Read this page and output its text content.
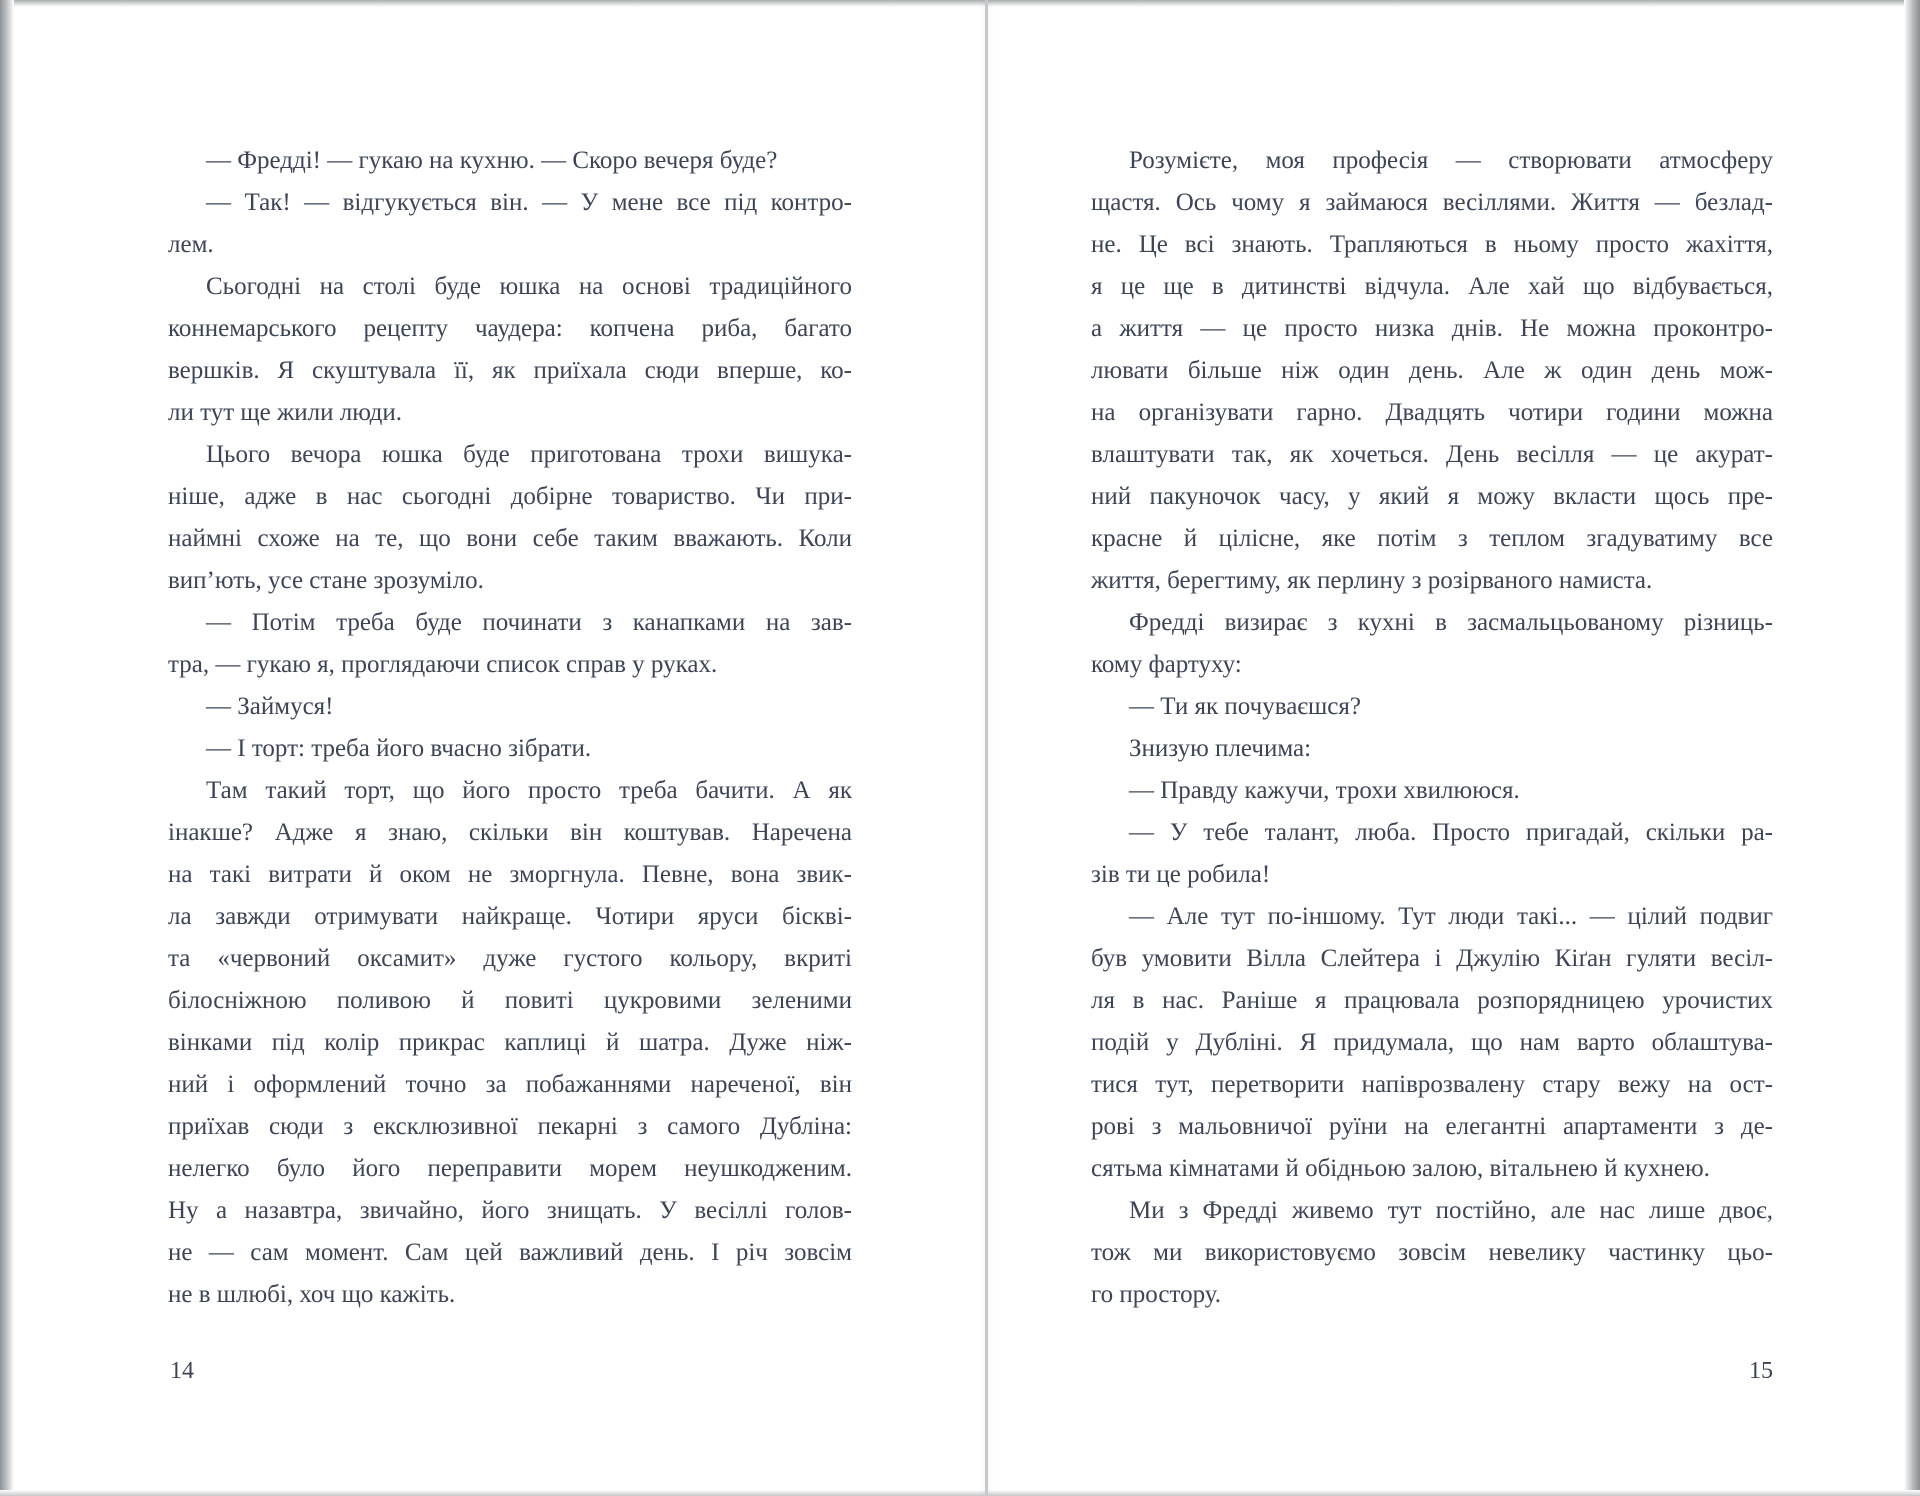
— Фредді! — гукаю на кухню. — Скоро вечеря буде?
— Так! — відгукується він. — У мене все під контро-
лем.
Сьогодні на столі буде юшка на основі традиційного
коннемарського рецепту чаудера: копчена риба, багато
вершків. Я скуштувала її, як приїхала сюди вперше, ко-
ли тут ще жили люди.
Цього вечора юшка буде приготована трохи вишука-
ніше, адже в нас сьогодні добірне товариство. Чи при-
наймні схоже на те, що вони себе таким вважають. Коли
вип’ють, усе стане зрозуміло.
— Потім треба буде починати з канапками на зав-
тра, — гукаю я, проглядаючи список справ у руках.
— Займуся!
— І торт: треба його вчасно зібрати.
Там такий торт, що його просто треба бачити. А як
інакше? Адже я знаю, скільки він коштував. Наречена
на такі витрати й оком не зморгнула. Певне, вона звик-
ла завжди отримувати найкраще. Чотири яруси бісквi-
та «червоний оксамит» дуже густого кольору, вкриті
білосніжною поливою й повиті цукровими зеленими
вінками під колір прикрас каплиці й шатра. Дуже ніж-
ний і оформлений точно за побажаннями нареченої, він
приїхав сюди з ексклюзивної пекарні з самого Дубліна:
нелегко було його переправити морем неушкодженим.
Ну а назавтра, звичайно, його знищать. У весіллі голов-
не — сам момент. Сам цей важливий день. І річ зовсім
не в шлюбі, хоч що кажіть.
14
Розумієте, моя професія — створювати атмосферу
щастя. Ось чому я займаюся весіллями. Життя — безлад-
не. Це всі знають. Трапляються в ньому просто жахіття,
я це ще в дитинстві відчула. Але хай що відбувається,
а життя — це просто низка днів. Не можна проконтро-
лювати більше ніж один день. Але ж один день мож-
на організувати гарно. Двадцять чотири години можна
влаштувати так, як хочеться. День весілля — це акурат-
ний пакуночок часу, у який я можу вкласти щось пре-
красне й цілісне, яке потім з теплом згадуватиму все
життя, берегтиму, як перлину з розірваного намиста.
Фредді визирає з кухні в засмальцьованому різниць-
кому фартуху:
— Ти як почуваєшся?
Знизую плечима:
— Правду кажучи, трохи хвилююся.
— У тебе талант, люба. Просто пригадай, скільки ра-
зів ти це робила!
— Але тут по-іншому. Тут люди такі... — цілий подвиг
був умовити Вілла Слейтера і Джулію Кіґан гуляти весіл-
ля в нас. Раніше я працювала розпорядницею урочистих
подій у Дубліні. Я придумала, що нам варто облаштува-
тися тут, перетворити напіврозвалену стару вежу на ост-
рові з мальовничої руїни на елегантні апартаменти з де-
сятьма кімнатами й обідньою залою, вітальнею й кухнею.
Ми з Фредді живемо тут постійно, але нас лише двоє,
тож ми використовуємо зовсім невелику частинку цьо-
го простору.
15
